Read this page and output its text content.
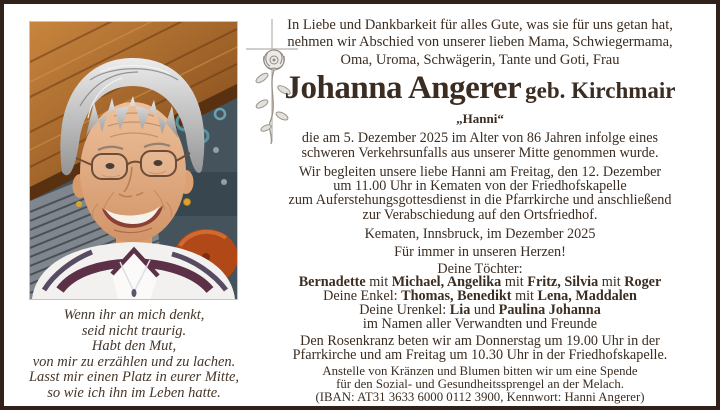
Wenn ihr an mich denkt,
seid nicht traurig.
Habt den Mut,
von mir zu erzählen und zu lachen.
Lasst mir einen Platz in eurer Mitte,
so wie ich ihn im Leben hatte.
In Liebe und Dankbarkeit für alles Gute, was sie für uns getan hat,
nehmen wir Abschied von unserer lieben Mama, Schwiegermama,
Oma, Uroma, Schwägerin, Tante und Goti, Frau
Johanna Angerer geb. Kirchmair
„Hanni“
die am 5. Dezember 2025 im Alter von 86 Jahren infolge eines
schweren Verkehrsunfalls aus unserer Mitte genommen wurde.
Wir begleiten unsere liebe Hanni am Freitag, den 12. Dezember
um 11.00 Uhr in Kematen von der Friedhofskapelle
zum Auferstehungsgottesdienst in die Pfarrkirche und anschließend
zur Verabschiedung auf den Ortsfriedhof.
Kematen, Innsbruck, im Dezember 2025
Für immer in unseren Herzen!
Deine Töchter:
Bernadette mit Michael, Angelika mit Fritz, Silvia mit Roger
Deine Enkel: Thomas, Benedikt mit Lena, Maddalen
Deine Urenkel: Lia und Paulina Johanna
im Namen aller Verwandten und Freunde
Den Rosenkranz beten wir am Donnerstag um 19.00 Uhr in der
Pfarrkirche und am Freitag um 10.30 Uhr in der Friedhofskapelle.
Anstelle von Kränzen und Blumen bitten wir um eine Spende
für den Sozial- und Gesundheitssprengel an der Melach.
(IBAN: AT31 3633 6000 0112 3900, Kennwort: Hanni Angerer)
